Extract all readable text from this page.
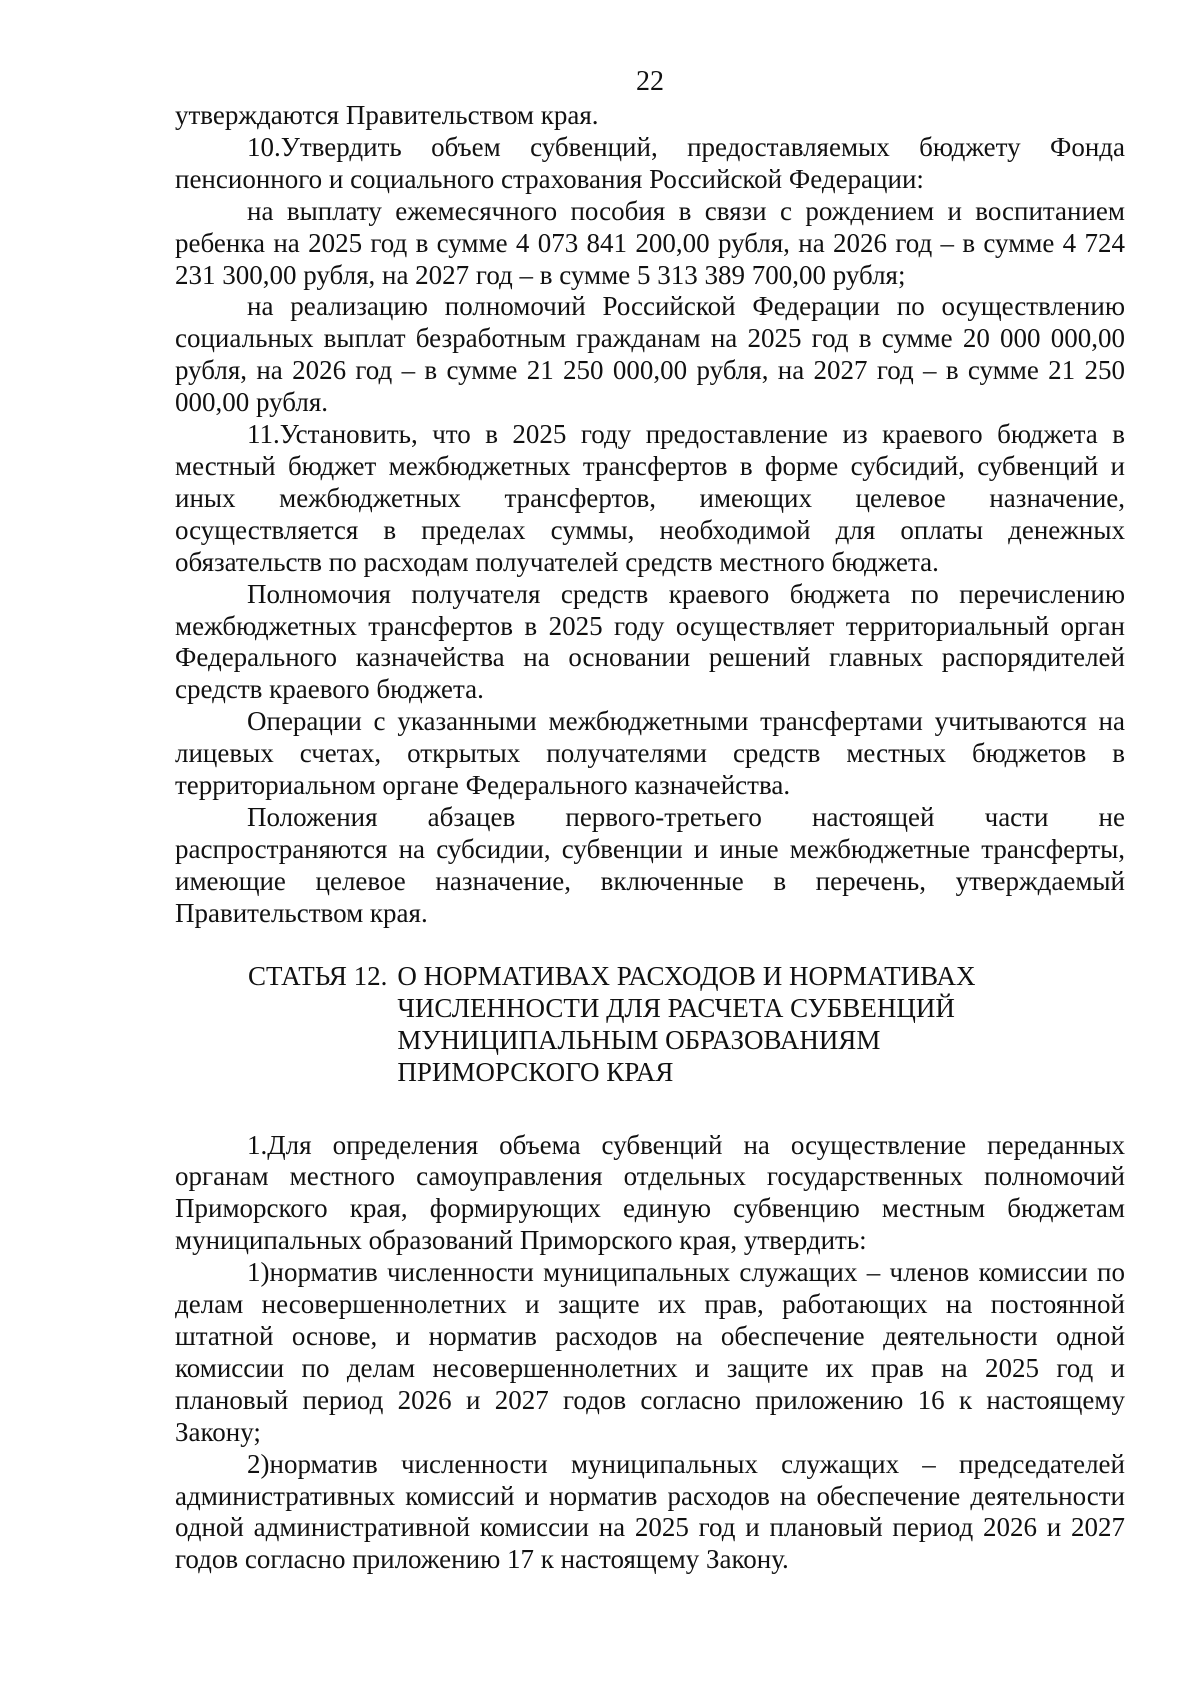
22

утверждаются Правительством края.

10.Утвердить объем субвенций, предоставляемых бюджету Фонда пенсионного и социального страхования Российской Федерации:

на выплату ежемесячного пособия в связи с рождением и воспитанием ребенка на 2025 год в сумме 4 073 841 200,00 рубля, на 2026 год – в сумме 4 724 231 300,00 рубля, на 2027 год – в сумме 5 313 389 700,00 рубля;

на реализацию полномочий Российской Федерации по осуществлению социальных выплат безработным гражданам на 2025 год в сумме 20 000 000,00 рубля, на 2026 год – в сумме 21 250 000,00 рубля, на 2027 год – в сумме 21 250 000,00 рубля.

11.Установить, что в 2025 году предоставление из краевого бюджета в местный бюджет межбюджетных трансфертов в форме субсидий, субвенций и иных межбюджетных трансфертов, имеющих целевое назначение, осуществляется в пределах суммы, необходимой для оплаты денежных обязательств по расходам получателей средств местного бюджета.

Полномочия получателя средств краевого бюджета по перечислению межбюджетных трансфертов в 2025 году осуществляет территориальный орган Федерального казначейства на основании решений главных распорядителей средств краевого бюджета.

Операции с указанными межбюджетными трансфертами учитываются на лицевых счетах, открытых получателями средств местных бюджетов в территориальном органе Федерального казначейства.

Положения абзацев первого-третьего настоящей части не распространяются на субсидии, субвенции и иные межбюджетные трансферты, имеющие целевое назначение, включенные в перечень, утверждаемый Правительством края.

СТАТЬЯ 12. О НОРМАТИВАХ РАСХОДОВ И НОРМАТИВАХ ЧИСЛЕННОСТИ ДЛЯ РАСЧЕТА СУБВЕНЦИЙ МУНИЦИПАЛЬНЫМ ОБРАЗОВАНИЯМ ПРИМОРСКОГО КРАЯ

1.Для определения объема субвенций на осуществление переданных органам местного самоуправления отдельных государственных полномочий Приморского края, формирующих единую субвенцию местным бюджетам муниципальных образований Приморского края, утвердить:

1)норматив численности муниципальных служащих – членов комиссии по делам несовершеннолетних и защите их прав, работающих на постоянной штатной основе, и норматив расходов на обеспечение деятельности одной комиссии по делам несовершеннолетних и защите их прав на 2025 год и плановый период 2026 и 2027 годов согласно приложению 16 к настоящему Закону;

2)норматив численности муниципальных служащих – председателей административных комиссий и норматив расходов на обеспечение деятельности одной административной комиссии на 2025 год и плановый период 2026 и 2027 годов согласно приложению 17 к настоящему Закону.
